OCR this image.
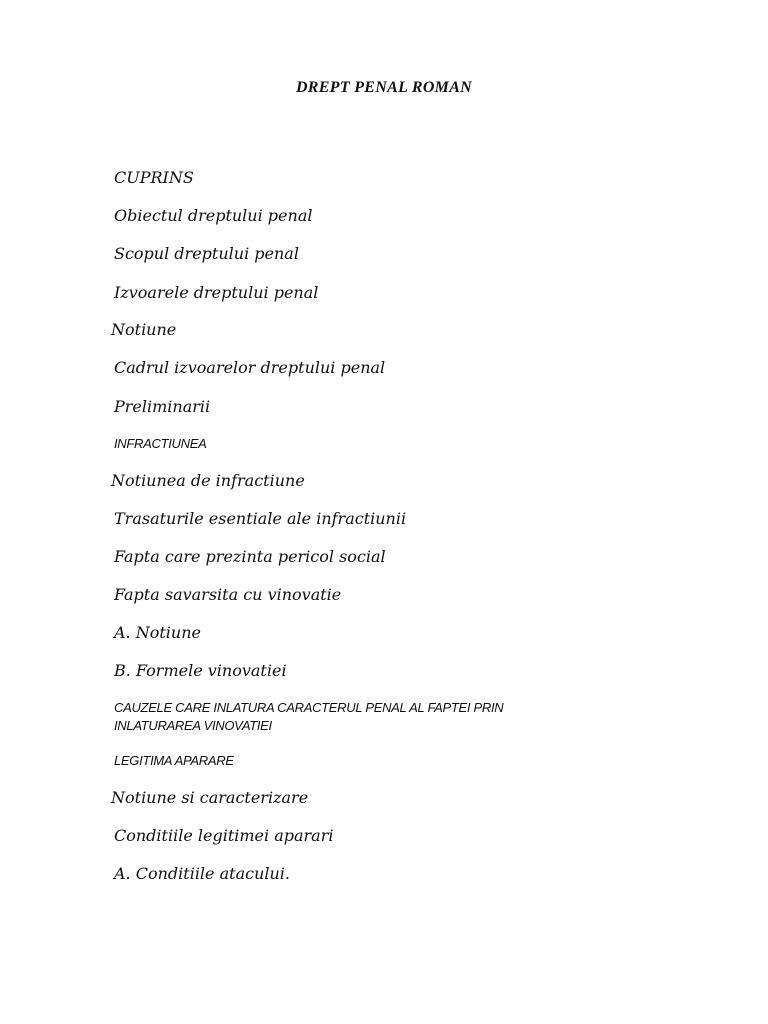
DREPT PENAL ROMAN

CUPRINS

Obiectul dreptului penal

Scopul dreptului penal

Izvoarele dreptului penal

Notiune

Cadrul izvoarelor dreptului penal

Preliminarii

INFRACTIUNEA

Notiunea de infractiune

Trasaturile esentiale ale infractiunii

Fapta care prezinta pericol social

Fapta savarsita cu vinovatie

A. Notiune

B. Formele vinovatiei

CAUZELE CARE INLATURA CARACTERUL PENAL AL FAPTEI PRIN

INLATURAREA VINOVATIEI

LEGITIMA APARARE

Notiune si caracterizare

Conditiile legitimei aparari

A. Conditiile atacului.
